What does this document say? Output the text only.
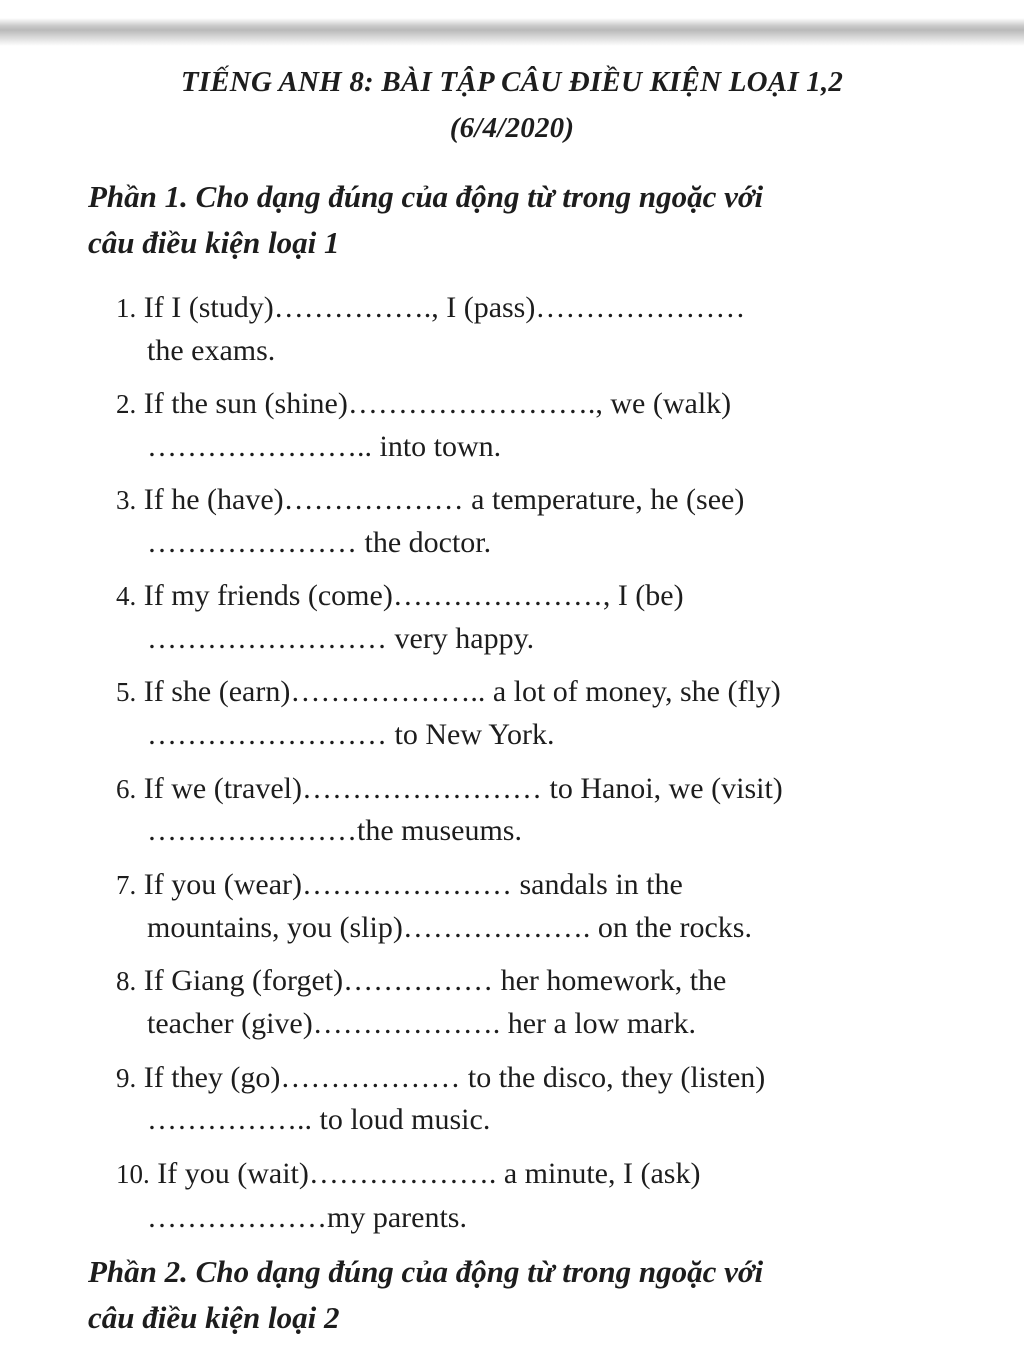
TIẾNG ANH 8: BÀI TẬP CÂU ĐIỀU KIỆN LOẠI 1,2
(6/4/2020)
Phần 1. Cho dạng đúng của động từ trong ngoặc với
câu điều kiện loại 1
1. If I (study)……………., I (pass)…………………
the exams.
2. If the sun (shine)……………………., we (walk)
………………….. into town.
3. If he (have)……………… a temperature, he (see)
………………… the doctor.
4. If my friends (come)…………………, I (be)
…………………… very happy.
5. If she (earn)……………….. a lot of money, she (fly)
…………………… to New York.
6. If we (travel)…………………… to Hanoi, we (visit)
…………………the museums.
7. If you (wear)………………… sandals in the
mountains, you (slip)………………. on the rocks.
8. If Giang (forget)…………… her homework, the
teacher (give)………………. her a low mark.
9. If they (go)……………… to the disco, they (listen)
…………….. to loud music.
10. If you (wait)………………. a minute, I (ask)
………………my parents.
Phần 2. Cho dạng đúng của động từ trong ngoặc với
câu điều kiện loại 2
